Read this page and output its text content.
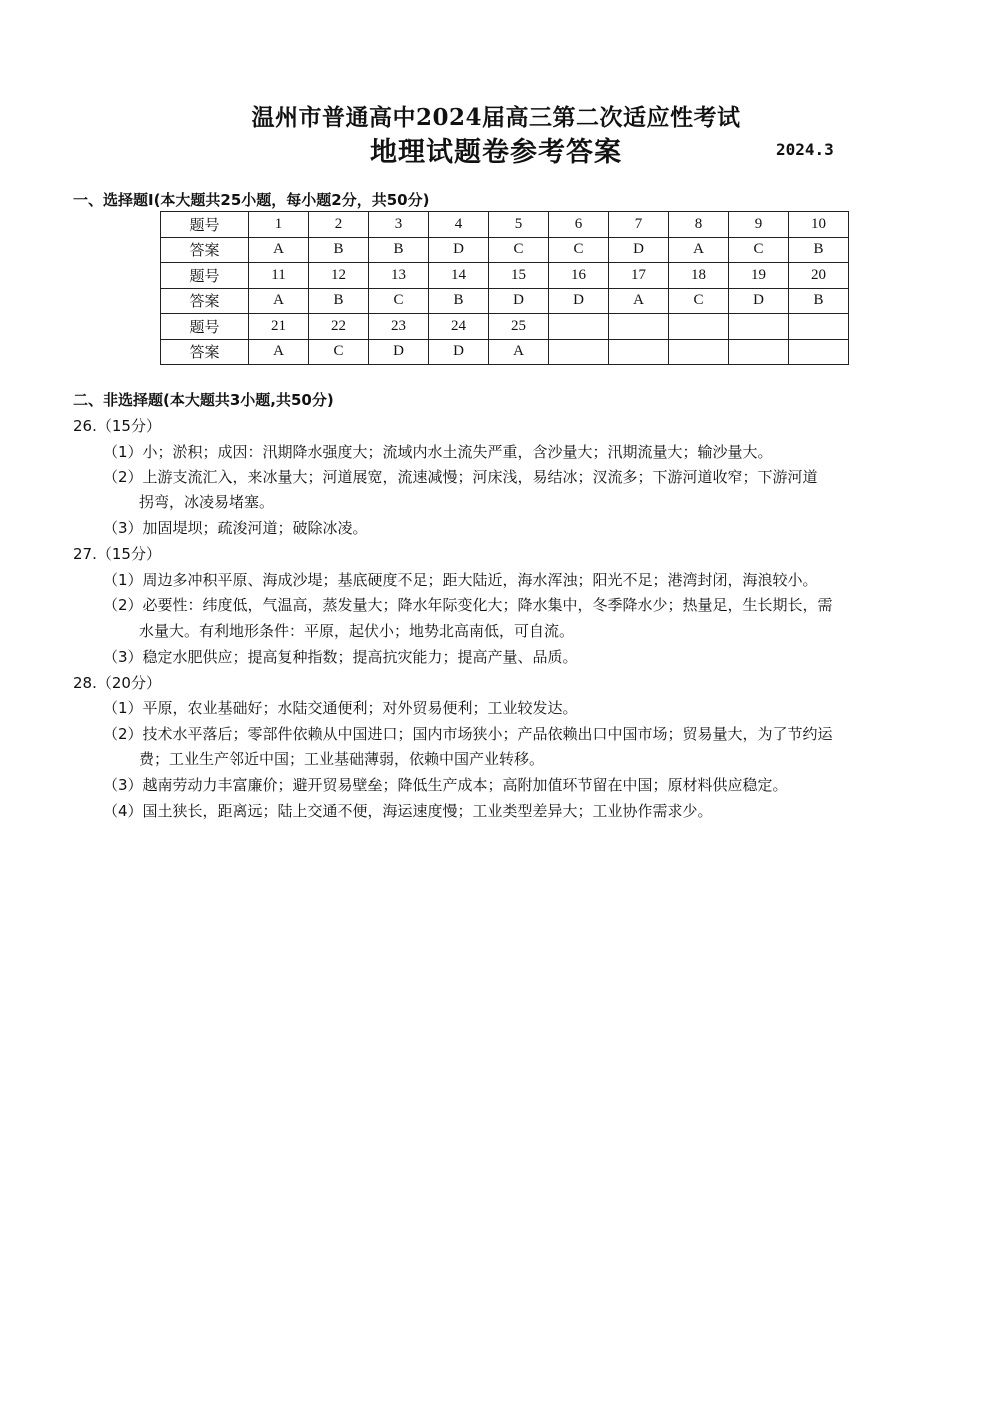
温州市普通高中2024届高三第二次适应性考试
地理试题卷参考答案	2024.3
一、选择题Ⅰ(本大题共25小题，每小题2分，共50分)
题号	1	2	3	4	5	6	7	8	9	10
答案	A	B	B	D	C	C	D	A	C	B
题号	11	12	13	14	15	16	17	18	19	20
答案	A	B	C	B	D	D	A	C	D	B
题号	21	22	23	24	25					
答案	A	C	D	D	A					
二、非选择题(本大题共3小题,共50分)
26.（15分）
（1）小；淤积；成因：汛期降水强度大；流域内水土流失严重，含沙量大；汛期流量大；输沙量大。
（2）上游支流汇入，来冰量大；河道展宽，流速减慢；河床浅，易结冰；汊流多；下游河道收窄；下游河道
拐弯，冰凌易堵塞。
（3）加固堤坝；疏浚河道；破除冰凌。
27.（15分）
（1）周边多冲积平原、海成沙堤；基底硬度不足；距大陆近，海水浑浊；阳光不足；港湾封闭，海浪较小。
（2）必要性：纬度低，气温高，蒸发量大；降水年际变化大；降水集中，冬季降水少；热量足，生长期长，需
水量大。有利地形条件：平原，起伏小；地势北高南低，可自流。
（3）稳定水肥供应；提高复种指数；提高抗灾能力；提高产量、品质。
28.（20分）
（1）平原，农业基础好；水陆交通便利；对外贸易便利；工业较发达。
（2）技术水平落后；零部件依赖从中国进口；国内市场狭小；产品依赖出口中国市场；贸易量大，为了节约运
费；工业生产邻近中国；工业基础薄弱，依赖中国产业转移。
（3）越南劳动力丰富廉价；避开贸易壁垒；降低生产成本；高附加值环节留在中国；原材料供应稳定。
（4）国土狭长，距离远；陆上交通不便，海运速度慢；工业类型差异大；工业协作需求少。
